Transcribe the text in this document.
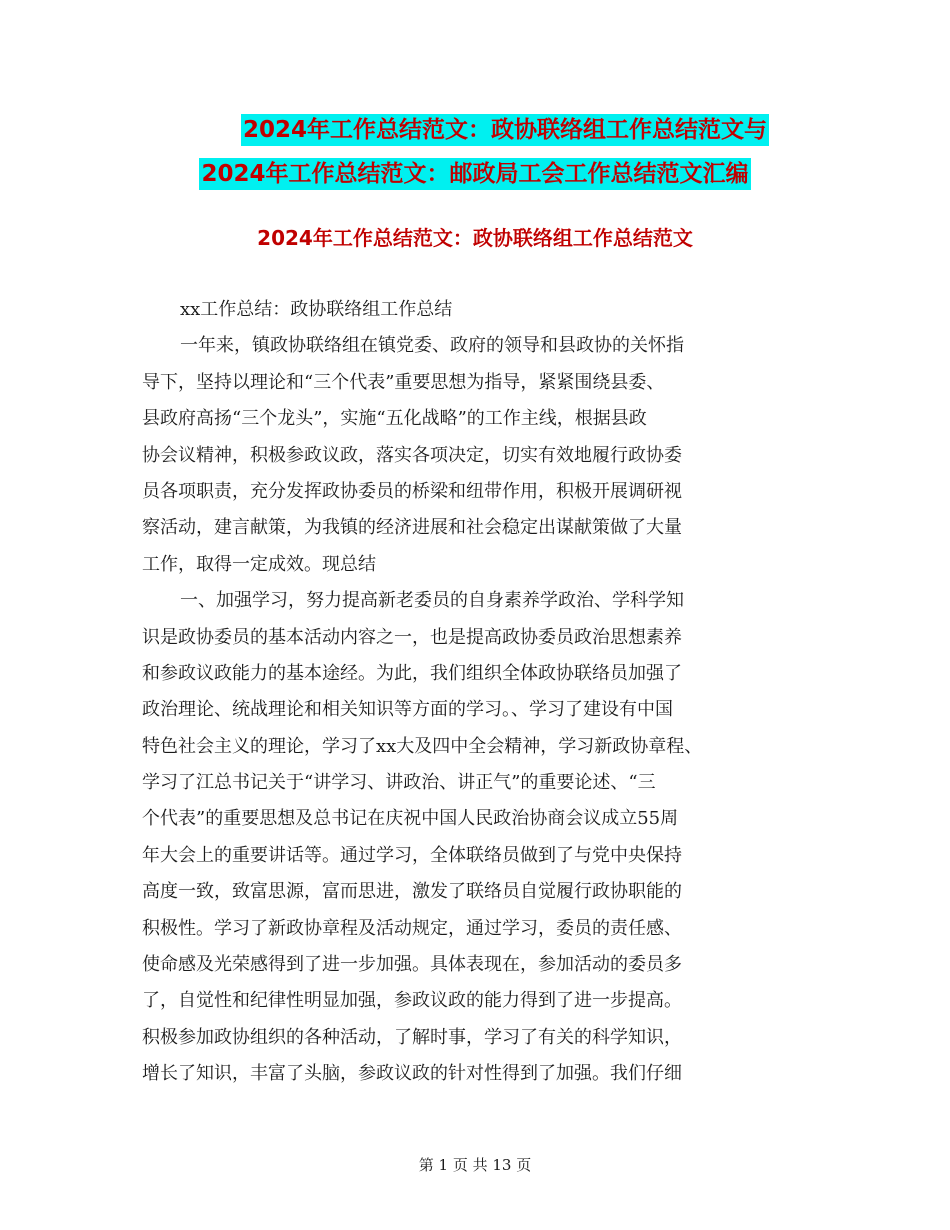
2024年工作总结范文：政协联络组工作总结范文与
2024年工作总结范文：邮政局工会工作总结范文汇编
2024年工作总结范文：政协联络组工作总结范文
xx工作总结：政协联络组工作总结
一年来，镇政协联络组在镇党委、政府的领导和县政协的关怀指
导下，坚持以理论和“三个代表”重要思想为指导，紧紧围绕县委、
县政府高扬“三个龙头”，实施“五化战略”的工作主线，根据县政
协会议精神，积极参政议政，落实各项决定，切实有效地履行政协委
员各项职责，充分发挥政协委员的桥梁和纽带作用，积极开展调研视
察活动，建言献策，为我镇的经济进展和社会稳定出谋献策做了大量
工作，取得一定成效。现总结
一、加强学习，努力提高新老委员的自身素养学政治、学科学知
识是政协委员的基本活动内容之一，也是提高政协委员政治思想素养
和参政议政能力的基本途经。为此，我们组织全体政协联络员加强了
政治理论、统战理论和相关知识等方面的学习。、学习了建设有中国
特色社会主义的理论，学习了xx大及四中全会精神，学习新政协章程、
学习了江总书记关于“讲学习、讲政治、讲正气”的重要论述、“三
个代表”的重要思想及总书记在庆祝中国人民政治协商会议成立55周
年大会上的重要讲话等。通过学习，全体联络员做到了与党中央保持
高度一致，致富思源，富而思进，激发了联络员自觉履行政协职能的
积极性。学习了新政协章程及活动规定，通过学习，委员的责任感、
使命感及光荣感得到了进一步加强。具体表现在，参加活动的委员多
了，自觉性和纪律性明显加强，参政议政的能力得到了进一步提高。
积极参加政协组织的各种活动，了解时事，学习了有关的科学知识，
增长了知识，丰富了头脑，参政议政的针对性得到了加强。我们仔细
第 1 页 共 13 页
